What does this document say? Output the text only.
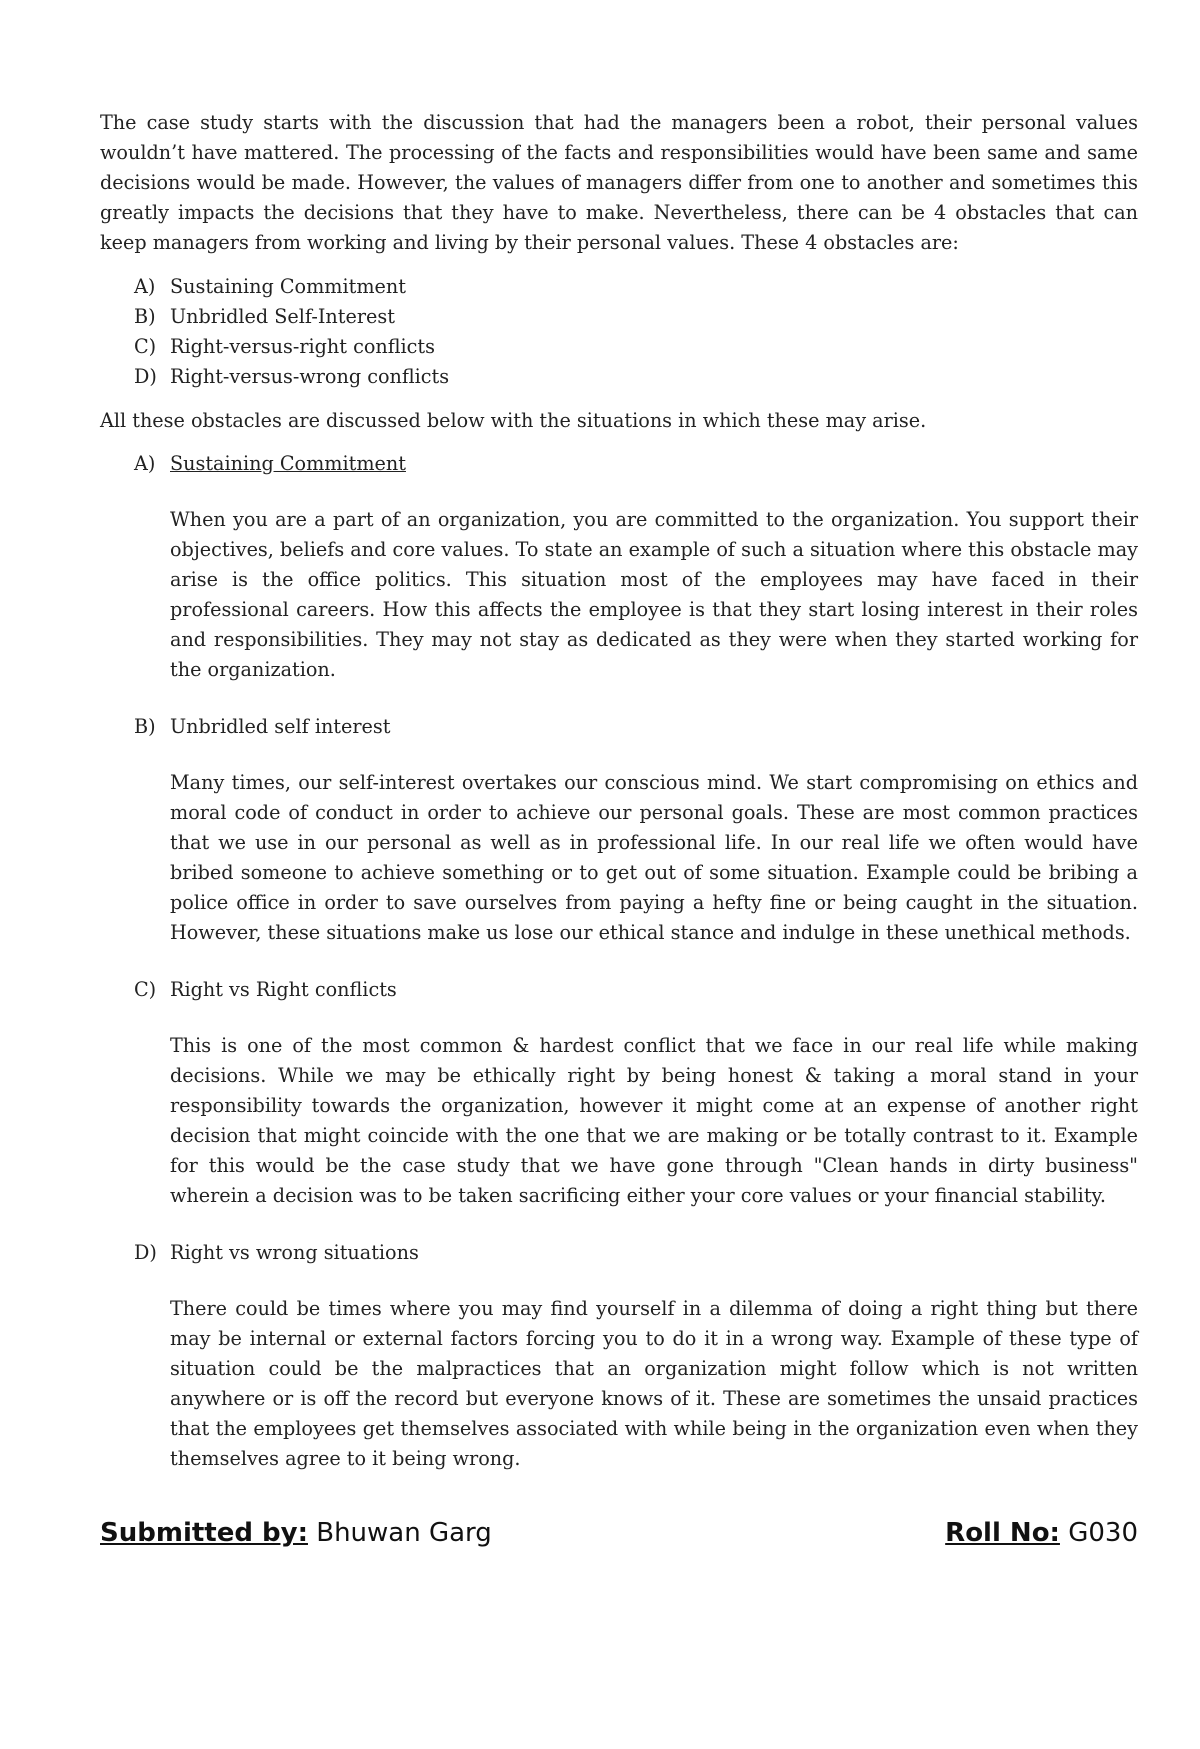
The case study starts with the discussion that had the managers been a robot, their personal values wouldn’t have mattered. The processing of the facts and responsibilities would have been same and same decisions would be made. However, the values of managers differ from one to another and sometimes this greatly impacts the decisions that they have to make. Nevertheless, there can be 4 obstacles that can keep managers from working and living by their personal values. These 4 obstacles are:

A) Sustaining Commitment
B) Unbridled Self-Interest
C) Right-versus-right conflicts
D) Right-versus-wrong conflicts

All these obstacles are discussed below with the situations in which these may arise.

A) Sustaining Commitment

When you are a part of an organization, you are committed to the organization. You support their objectives, beliefs and core values. To state an example of such a situation where this obstacle may arise is the office politics. This situation most of the employees may have faced in their professional careers. How this affects the employee is that they start losing interest in their roles and responsibilities. They may not stay as dedicated as they were when they started working for the organization.

B) Unbridled self interest

Many times, our self-interest overtakes our conscious mind. We start compromising on ethics and moral code of conduct in order to achieve our personal goals. These are most common practices that we use in our personal as well as in professional life. In our real life we often would have bribed someone to achieve something or to get out of some situation. Example could be bribing a police office in order to save ourselves from paying a hefty fine or being caught in the situation. However, these situations make us lose our ethical stance and indulge in these unethical methods.

C) Right vs Right conflicts

This is one of the most common & hardest conflict that we face in our real life while making decisions. While we may be ethically right by being honest & taking a moral stand in your responsibility towards the organization, however it might come at an expense of another right decision that might coincide with the one that we are making or be totally contrast to it. Example for this would be the case study that we have gone through "Clean hands in dirty business" wherein a decision was to be taken sacrificing either your core values or your financial stability.

D) Right vs wrong situations

There could be times where you may find yourself in a dilemma of doing a right thing but there may be internal or external factors forcing you to do it in a wrong way. Example of these type of situation could be the malpractices that an organization might follow which is not written anywhere or is off the record but everyone knows of it. These are sometimes the unsaid practices that the employees get themselves associated with while being in the organization even when they themselves agree to it being wrong.

Submitted by: Bhuwan Garg	Roll No: G030
